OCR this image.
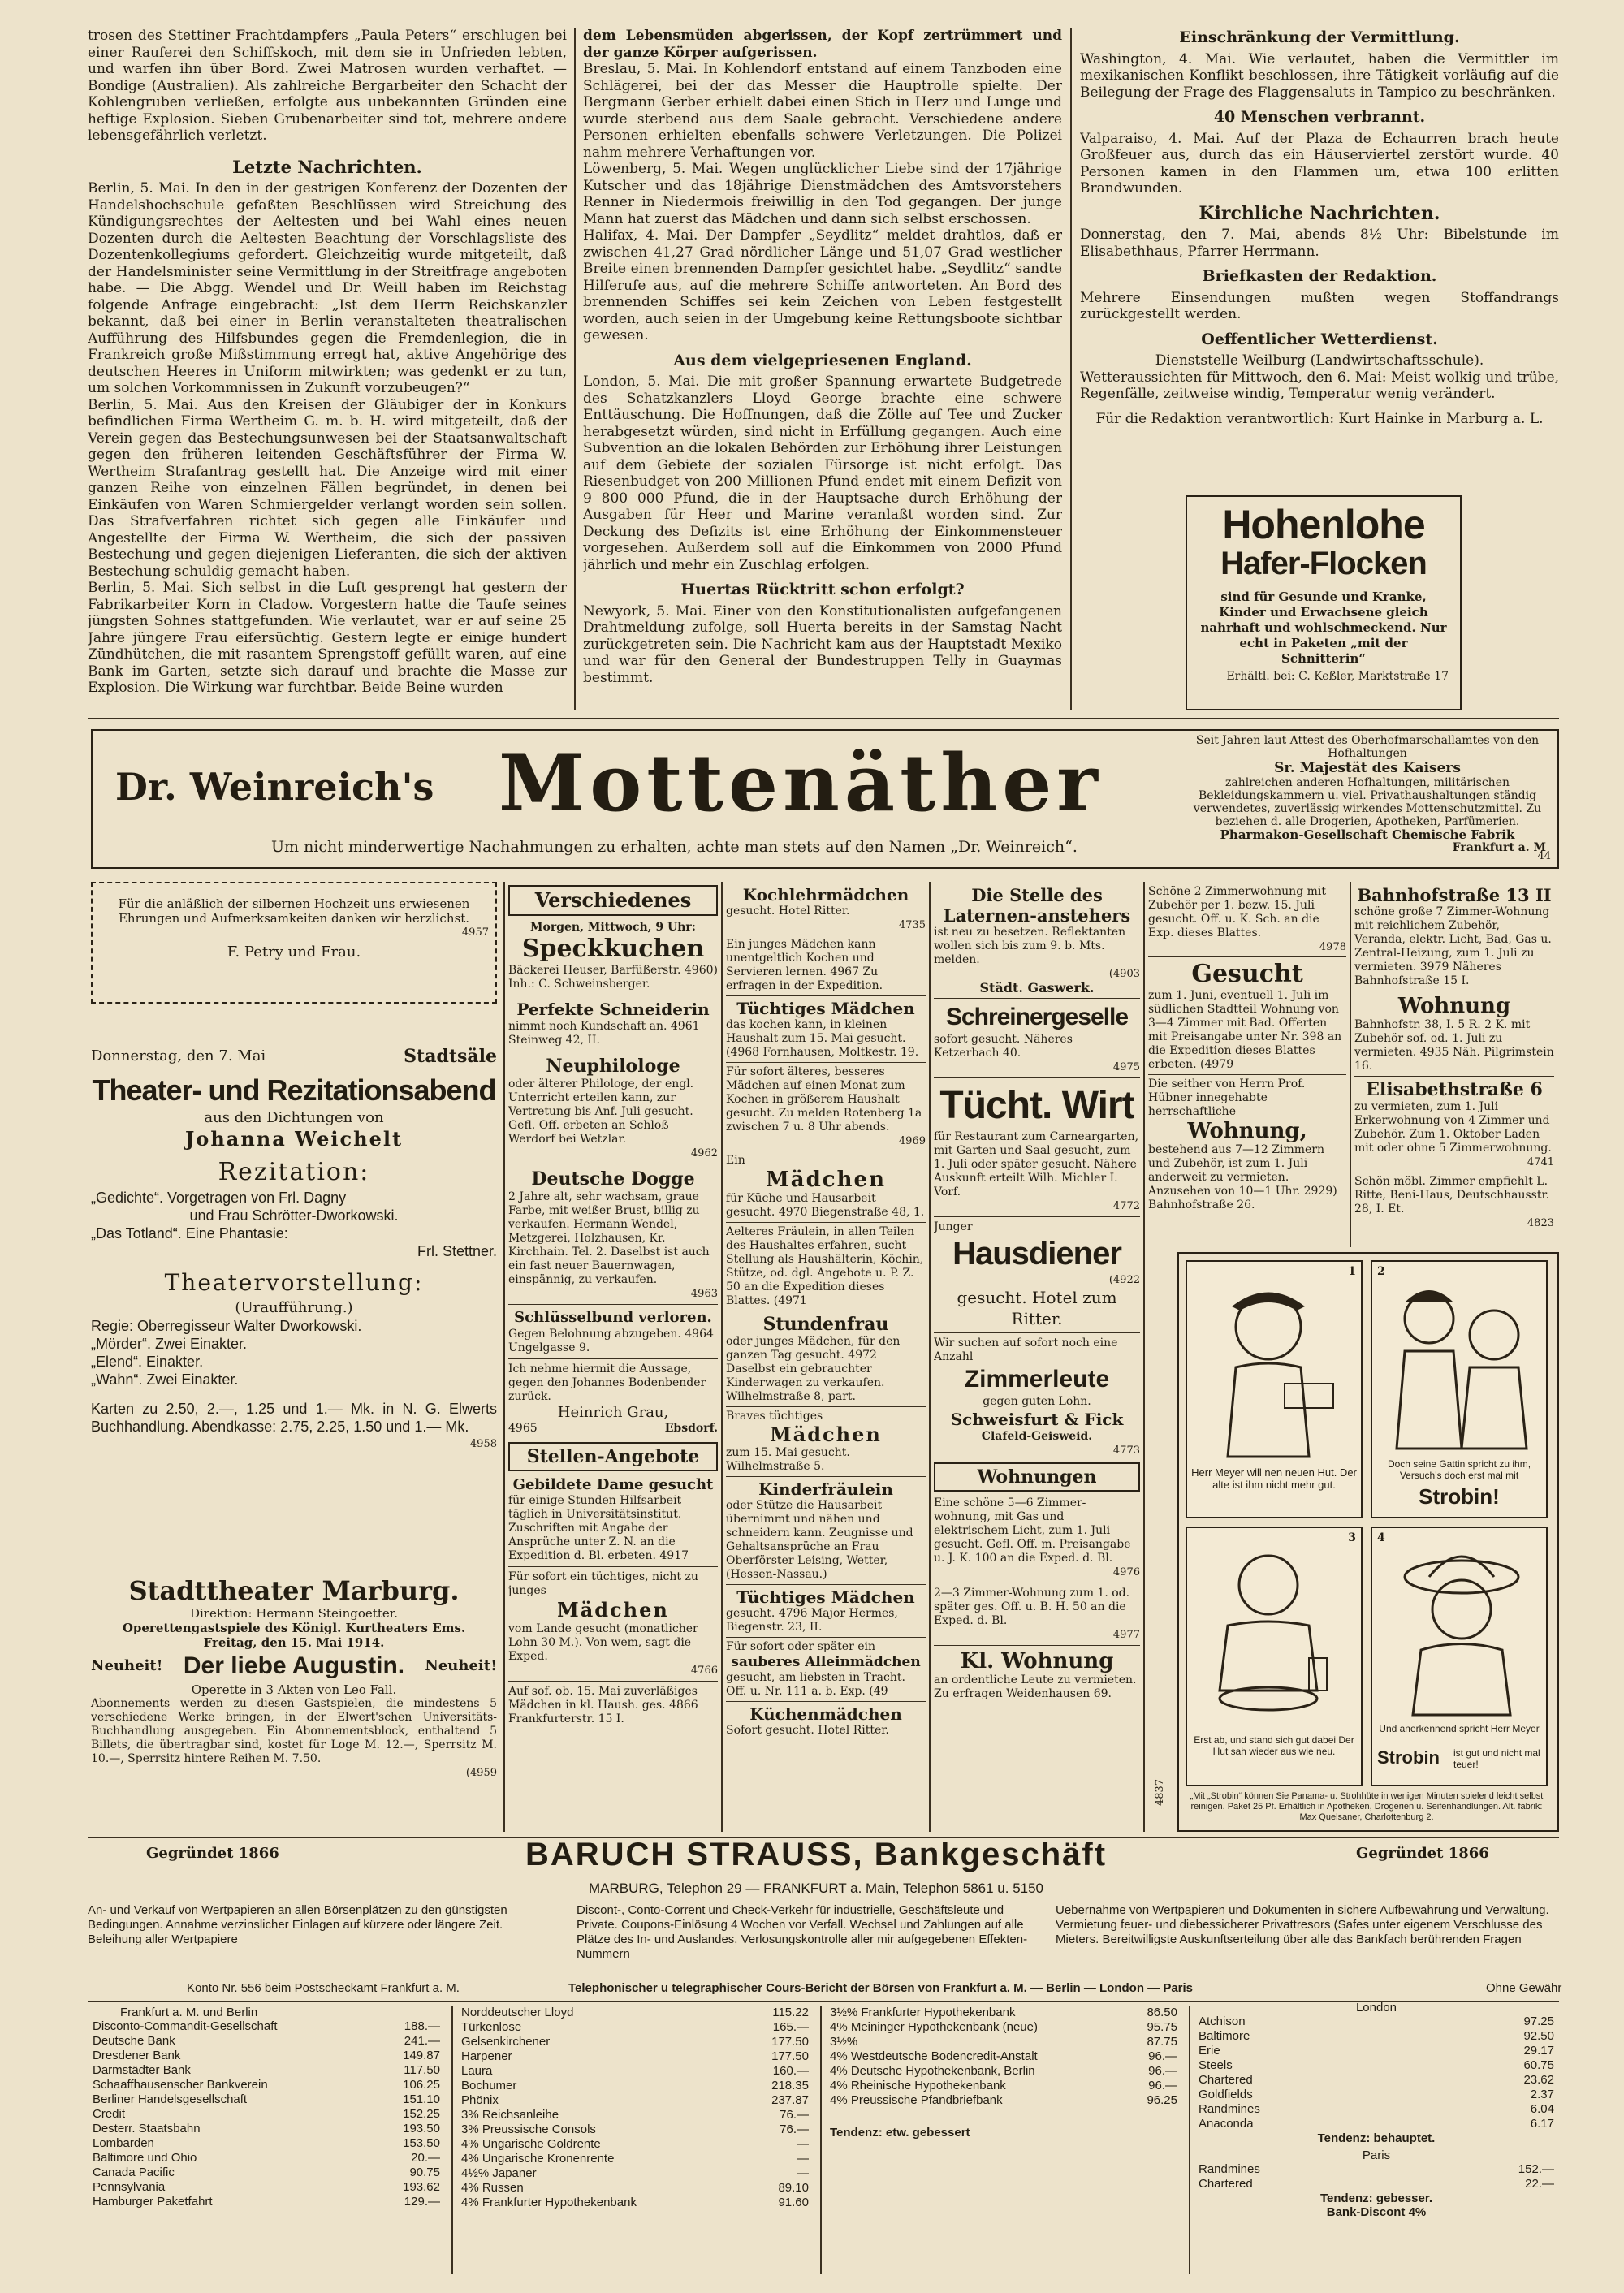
trosen des Stettiner Frachtdampfers „Paula Peters“ erschlugen bei einer Rauferei den Schiffskoch, mit dem sie in Unfrieden lebten, und warfen ihn über Bord. Zwei Matrosen wurden verhaftet. — Bondige (Australien). Als zahlreiche Bergarbeiter den Schacht der Kohlengruben verließen, erfolgte aus unbekannten Gründen eine heftige Explosion. Sieben Grubenarbeiter sind tot, mehrere andere lebensgefährlich verletzt.

Letzte Nachrichten.

Berlin, 5. Mai. In den in der gestrigen Konferenz der Dozenten der Handelshochschule gefaßten Beschlüssen wird Streichung des Kündigungsrechtes der Aeltesten und bei Wahl eines neuen Dozenten durch die Aeltesten Beachtung der Vorschlagsliste des Dozentenkollegiums gefordert. Gleichzeitig wurde mitgeteilt, daß der Handelsminister seine Vermittlung in der Streitfrage angeboten habe. — Die Abgg. Wendel und Dr. Weill haben im Reichstag folgende Anfrage eingebracht: „Ist dem Herrn Reichskanzler bekannt, daß bei einer in Berlin veranstalteten theatralischen Aufführung des Hilfsbundes gegen die Fremdenlegion, die in Frankreich große Mißstimmung erregt hat, aktive Angehörige des deutschen Heeres in Uniform mitwirkten; was gedenkt er zu tun, um solchen Vorkommnissen in Zukunft vorzubeugen?“

Berlin, 5. Mai. Aus den Kreisen der Gläubiger der in Konkurs befindlichen Firma Wertheim G. m. b. H. wird mitgeteilt, daß der Verein gegen das Bestechungsunwesen bei der Staatsanwaltschaft gegen den früheren leitenden Geschäftsführer der Firma W. Wertheim Strafantrag gestellt hat. Die Anzeige wird mit einer ganzen Reihe von einzelnen Fällen begründet, in denen bei Einkäufen von Waren Schmiergelder verlangt worden sein sollen. Das Strafverfahren richtet sich gegen alle Einkäufer und Angestellte der Firma W. Wertheim, die sich der passiven Bestechung und gegen diejenigen Lieferanten, die sich der aktiven Bestechung schuldig gemacht haben.

Berlin, 5. Mai. Sich selbst in die Luft gesprengt hat gestern der Fabrikarbeiter Korn in Cladow. Vorgestern hatte die Taufe seines jüngsten Sohnes stattgefunden. Wie verlautet, war er auf seine 25 Jahre jüngere Frau eifersüchtig. Gestern legte er einige hundert Zündhütchen, die mit rasantem Sprengstoff gefüllt waren, auf eine Bank im Garten, setzte sich darauf und brachte die Masse zur Explosion. Die Wirkung war furchtbar. Beide Beine wurden

dem Lebensmüden abgerissen, der Kopf zertrümmert und der ganze Körper aufgerissen.

Breslau, 5. Mai. In Kohlendorf entstand auf einem Tanzboden eine Schlägerei, bei der das Messer die Hauptrolle spielte. Der Bergmann Gerber erhielt dabei einen Stich in Herz und Lunge und wurde sterbend aus dem Saale gebracht. Verschiedene andere Personen erhielten ebenfalls schwere Verletzungen. Die Polizei nahm mehrere Verhaftungen vor.

Löwenberg, 5. Mai. Wegen unglücklicher Liebe sind der 17jährige Kutscher und das 18jährige Dienstmädchen des Amtsvorstehers Renner in Niedermois freiwillig in den Tod gegangen. Der junge Mann hat zuerst das Mädchen und dann sich selbst erschossen.

Halifax, 4. Mai. Der Dampfer „Seydlitz“ meldet drahtlos, daß er zwischen 41,27 Grad nördlicher Länge und 51,07 Grad westlicher Breite einen brennenden Dampfer gesichtet habe. „Seydlitz“ sandte Hilferufe aus, auf die mehrere Schiffe antworteten. An Bord des brennenden Schiffes sei kein Zeichen von Leben festgestellt worden, auch seien in der Umgebung keine Rettungsboote sichtbar gewesen.

Aus dem vielgepriesenen England.

London, 5. Mai. Die mit großer Spannung erwartete Budgetrede des Schatzkanzlers Lloyd George brachte eine schwere Enttäuschung. Die Hoffnungen, daß die Zölle auf Tee und Zucker herabgesetzt würden, sind nicht in Erfüllung gegangen. Auch eine Subvention an die lokalen Behörden zur Erhöhung ihrer Leistungen auf dem Gebiete der sozialen Fürsorge ist nicht erfolgt. Das Riesenbudget von 200 Millionen Pfund endet mit einem Defizit von 9 800 000 Pfund, die in der Hauptsache durch Erhöhung der Ausgaben für Heer und Marine veranlaßt worden sind. Zur Deckung des Defizits ist eine Erhöhung der Einkommensteuer vorgesehen. Außerdem soll auf die Einkommen von 2000 Pfund jährlich und mehr ein Zuschlag erfolgen.

Huertas Rücktritt schon erfolgt?

Newyork, 5. Mai. Einer von den Konstitutionalisten aufgefangenen Drahtmeldung zufolge, soll Huerta bereits in der Samstag Nacht zurückgetreten sein. Die Nachricht kam aus der Hauptstadt Mexiko und war für den General der Bundestruppen Telly in Guaymas bestimmt.

Einschränkung der Vermittlung.

Washington, 4. Mai. Wie verlautet, haben die Vermittler im mexikanischen Konflikt beschlossen, ihre Tätigkeit vorläufig auf die Beilegung der Frage des Flaggensaluts in Tampico zu beschränken.

40 Menschen verbrannt.

Valparaiso, 4. Mai. Auf der Plaza de Echaurren brach heute Großfeuer aus, durch das ein Häuserviertel zerstört wurde. 40 Personen kamen in den Flammen um, etwa 100 erlitten Brandwunden.

Kirchliche Nachrichten.

Donnerstag, den 7. Mai, abends 8½ Uhr: Bibelstunde im Elisabethhaus, Pfarrer Herrmann.

Briefkasten der Redaktion.

Mehrere Einsendungen mußten wegen Stoffandrangs zurückgestellt werden.

Oeffentlicher Wetterdienst.

Dienststelle Weilburg (Landwirtschaftsschule).

Wetteraussichten für Mittwoch, den 6. Mai: Meist wolkig und trübe, Regenfälle, zeitweise windig, Temperatur wenig verändert.

Für die Redaktion verantwortlich: Kurt Hainke in Marburg a. L.

Hohenlohe
Hafer-Flocken
sind für Gesunde und Kranke, Kinder und Erwachsene gleich nahrhaft und wohlschmeckend. Nur echt in Paketen „mit der Schnitterin“
Erhältl. bei: C. Keßler, Marktstraße 17
Dr. Weinreich's Mottenäther
Um nicht minderwertige Nachahmungen zu erhalten, achte man stets auf den Namen „Dr. Weinreich“.
Seit Jahren laut Attest des Oberhofmarschallamtes von den Hofhaltungen
Sr. Majestät des Kaisers
zahlreichen anderen Hofhaltungen, militärischen Bekleidungskammern u. viel. Privathaushaltungen ständig verwendetes, zuverlässig wirkendes Mottenschutzmittel. Zu beziehen d. alle Drogerien, Apotheken, Parfümerien.
Pharmakon-Gesellschaft Chemische Fabrik
Frankfurt a. M
44
Für die anläßlich der silbernen Hochzeit uns erwiesenen Ehrungen und Aufmerksamkeiten danken wir herzlichst.
4957
F. Petry und Frau.
Donnerstag, den 7. Mai	Stadtsäle
Theater- und Rezitationsabend
aus den Dichtungen von
Johanna Weichelt
Rezitation:
„Gedichte“. Vorgetragen von Frl. Dagny
und Frau Schrötter-Dworkowski.
„Das Totland“. Eine Phantasie:
Frl. Stettner.
Theatervorstellung:
(Uraufführung.)
Regie: Oberregisseur Walter Dworkowski.
„Mörder“. Zwei Einakter.
„Elend“. Einakter.
„Wahn“. Zwei Einakter.
Karten zu 2.50, 2.—, 1.25 und 1.— Mk. in N. G. Elwerts Buchhandlung. Abendkasse: 2.75, 2.25, 1.50 und 1.— Mk.
4958
Stadttheater Marburg.
Direktion: Hermann Steingoetter.
Operettengastspiele des Königl. Kurtheaters Ems.
Freitag, den 15. Mai 1914.
Neuheit! Der liebe Augustin. Neuheit!
Operette in 3 Akten von Leo Fall.
Abonnements werden zu diesen Gastspielen, die mindestens 5 verschiedene Werke bringen, in der Elwert'schen Universitäts-Buchhandlung ausgegeben. Ein Abonnementsblock, enthaltend 5 Billets, die übertragbar sind, kostet für Loge M. 12.—, Sperrsitz M. 10.—, Sperrsitz hintere Reihen M. 7.50.
(4959
Verschiedenes
Morgen, Mittwoch, 9 Uhr:
Speckkuchen
Bäckerei Heuser, Barfüßerstr. 4960) Inh.: C. Schweinsberger.
Perfekte Schneiderin
nimmt noch Kundschaft an. 4961 Steinweg 42, II.
Neuphilologe
oder älterer Philologe, der engl. Unterricht erteilen kann, zur Vertretung bis Anf. Juli gesucht. Gefl. Off. erbeten an Schloß Werdorf bei Wetzlar.
4962
Deutsche Dogge
2 Jahre alt, sehr wachsam, graue Farbe, mit weißer Brust, billig zu verkaufen. Hermann Wendel, Metzgerei, Holzhausen, Kr. Kirchhain. Tel. 2. Daselbst ist auch ein fast neuer Bauernwagen, einspännig, zu verkaufen.
4963
Schlüsselbund verloren.
Gegen Belohnung abzugeben. 4964 Ungelgasse 9.
Ich nehme hiermit die Aussage, gegen den Johannes Bodenbender zurück.
Heinrich Grau,
4965	Ebsdorf.
Stellen-Angebote
Gebildete Dame gesucht
für einige Stunden Hilfsarbeit täglich in Universitätsinstitut. Zuschriften mit Angabe der Ansprüche unter Z. N. an die Expedition d. Bl. erbeten. 4917
Für sofort ein tüchtiges, nicht zu junges
Mädchen
vom Lande gesucht (monatlicher Lohn 30 M.). Von wem, sagt die Exped.
4766
Auf sof. ob. 15. Mai zuverläßiges Mädchen in kl. Haush. ges. 4866 Frankfurterstr. 15 I.
Kochlehrmädchen
gesucht. Hotel Ritter.
4735
Ein junges Mädchen kann unentgeltlich Kochen und Servieren lernen. 4967 Zu erfragen in der Expedition.
Tüchtiges Mädchen
das kochen kann, in kleinen Haushalt zum 15. Mai gesucht. (4968 Fornhausen, Moltkestr. 19.
Für sofort älteres, besseres Mädchen auf einen Monat zum Kochen in größerem Haushalt gesucht. Zu melden Rotenberg 1a zwischen 7 u. 8 Uhr abends.
4969
Ein
Mädchen
für Küche und Hausarbeit gesucht. 4970 Biegenstraße 48, 1.
Aelteres Fräulein, in allen Teilen des Haushaltes erfahren, sucht Stellung als Haushälterin, Köchin, Stütze, od. dgl. Angebote u. P. Z. 50 an die Expedition dieses Blattes. (4971
Stundenfrau
oder junges Mädchen, für den ganzen Tag gesucht. 4972 Daselbst ein gebrauchter Kinderwagen zu verkaufen. Wilhelmstraße 8, part.
Braves tüchtiges
Mädchen
zum 15. Mai gesucht. Wilhelmstraße 5.
Kinderfräulein
oder Stütze die Hausarbeit übernimmt und nähen und schneidern kann. Zeugnisse und Gehaltsansprüche an Frau Oberförster Leising, Wetter, (Hessen-Nassau.)
Tüchtiges Mädchen
gesucht. 4796 Major Hermes, Biegenstr. 23, II.
Für sofort oder später ein
sauberes Alleinmädchen
gesucht, am liebsten in Tracht. Off. u. Nr. 111 a. b. Exp. (49
Küchenmädchen
Sofort gesucht. Hotel Ritter.
Die Stelle des Laternen-anstehers
ist neu zu besetzen. Reflektanten wollen sich bis zum 9. b. Mts. melden.
(4903
Städt. Gaswerk.
Schreinergeselle
sofort gesucht. Näheres Ketzerbach 40.
4975
Tücht. Wirt
für Restaurant zum Carneargarten, mit Garten und Saal gesucht, zum 1. Juli oder später gesucht. Nähere Auskunft erteilt Wilh. Michler I. Vorf.
4772
Junger
Hausdiener
(4922
gesucht. Hotel zum Ritter.
Wir suchen auf sofort noch eine Anzahl
Zimmerleute
gegen guten Lohn.
Schweisfurt & Fick
Clafeld-Geisweid.
4773
Wohnungen
Eine schöne 5—6 Zimmer-wohnung, mit Gas und elektrischem Licht, zum 1. Juli gesucht. Gefl. Off. m. Preisangabe u. J. K. 100 an die Exped. d. Bl.
4976
2—3 Zimmer-Wohnung zum 1. od. später ges. Off. u. B. H. 50 an die Exped. d. Bl.
4977
Kl. Wohnung
an ordentliche Leute zu vermieten. Zu erfragen Weidenhausen 69.
Schöne 2 Zimmerwohnung mit Zubehör per 1. bezw. 15. Juli gesucht. Off. u. K. Sch. an die Exp. dieses Blattes.
4978
Gesucht
zum 1. Juni, eventuell 1. Juli im südlichen Stadtteil Wohnung von 3—4 Zimmer mit Bad. Offerten mit Preisangabe unter Nr. 398 an die Expedition dieses Blattes erbeten. (4979
Die seither von Herrn Prof. Hübner innegehabte herrschaftliche
Wohnung,
bestehend aus 7—12 Zimmern und Zubehör, ist zum 1. Juli anderweit zu vermieten. Anzusehen von 10—1 Uhr. 2929) Bahnhofstraße 26.
Bahnhofstraße 13 II
schöne große 7 Zimmer-Wohnung mit reichlichem Zubehör, Veranda, elektr. Licht, Bad, Gas u. Zentral-Heizung, zum 1. Juli zu vermieten. 3979 Näheres Bahnhofstraße 15 I.
Wohnung
Bahnhofstr. 38, I. 5 R. 2 K. mit Zubehör sof. od. 1. Juli zu vermieten. 4935 Näh. Pilgrimstein 16.
Elisabethstraße 6
zu vermieten, zum 1. Juli Erkerwohnung von 4 Zimmer und Zubehör. Zum 1. Oktober Laden mit oder ohne 5 Zimmerwohnung.
4741
Schön möbl. Zimmer empfiehlt L. Ritte, Beni-Haus, Deutschhausstr. 28, I. Et.
4823
Herr Meyer will nen neuen Hut. Der alte ist ihm nicht mehr gut.
1
Doch seine Gattin spricht zu ihm, Versuch's doch erst mal mit
Strobin!
2
Erst ab, und stand sich gut dabei Der Hut sah wieder aus wie neu.
3
Und anerkennend spricht Herr Meyer
Strobin ist gut und nicht mal teuer!
4
„Mit „Strobin“ können Sie Panama- u. Strohhüte in wenigen Minuten spielend leicht selbst reinigen. Paket 25 Pf. Erhältlich in Apotheken, Drogerien u. Seifenhandlungen. Alt. fabrik: Max Quelsaner, Charlottenburg 2.
4837
Gegründet 1866	Gegründet 1866
BARUCH STRAUSS, Bankgeschäft
MARBURG, Telephon 29 — FRANKFURT a. Main, Telephon 5861 u. 5150
An- und Verkauf von Wertpapieren an allen Börsenplätzen zu den günstigsten Bedingungen. Annahme verzinslicher Einlagen auf kürzere oder längere Zeit. Beleihung aller Wertpapiere
Discont-, Conto-Corrent und Check-Verkehr für industrielle, Geschäftsleute und Private. Coupons-Einlösung 4 Wochen vor Verfall. Wechsel und Zahlungen auf alle Plätze des In- und Auslandes. Verlosungskontrolle aller mir aufgegebenen Effekten-Nummern
Uebernahme von Wertpapieren und Dokumenten in sichere Aufbewahrung und Verwaltung. Vermietung feuer- und diebessicherer Privattresors (Safes unter eigenem Verschlusse des Mieters. Bereitwilligste Auskunftserteilung über alle das Bankfach berührenden Fragen
Konto Nr. 556 beim Postscheckamt Frankfurt a. M.	Telephonischer u telegraphischer Cours-Bericht der Börsen von Frankfurt a. M. — Berlin — London — Paris	Ohne Gewähr
Frankfurt a. M. und Berlin
Disconto-Commandit-Gesellschaft	188.—
Deutsche Bank	241.—
Dresdener Bank	149.87
Darmstädter Bank	117.50
Schaaffhausenscher Bankverein	106.25
Berliner Handelsgesellschaft	151.10
Credit	152.25
Desterr. Staatsbahn	193.50
Lombarden	153.50
Baltimore und Ohio	20.—
Canada Pacific	90.75
Pennsylvania	193.62
Hamburger Paketfahrt	129.—
Norddeutscher Lloyd	115.22
Türkenlose	165.—
Gelsenkirchener	177.50
Harpener	177.50
Laura	160.—
Bochumer	218.35
Phönix	237.87
3% Reichsanleihe	76.—
3% Preussische Consols	76.—
4% Ungarische Goldrente	—
4% Ungarische Kronenrente	—
4½% Japaner	—
4% Russen	89.10
4% Frankfurter Hypothekenbank	91.60
3½% Frankfurter Hypothekenbank	86.50
4% Meininger Hypothekenbank (neue)	95.75
3½%	87.75
4% Westdeutsche Bodencredit-Anstalt	96.—
4% Deutsche Hypothekenbank, Berlin	96.—
4% Rheinische Hypothekenbank	96.—
4% Preussische Pfandbriefbank	96.25
Tendenz: etw. gebessert
London
Atchison	97.25
Baltimore	92.50
Erie	29.17
Steels	60.75
Chartered	23.62
Goldfields	2.37
Randmines	6.04
Anaconda	6.17
Tendenz: behauptet.
Paris
Randmines	152.—
Chartered	22.—
Tendenz: gebesser.
Bank-Discont 4%
